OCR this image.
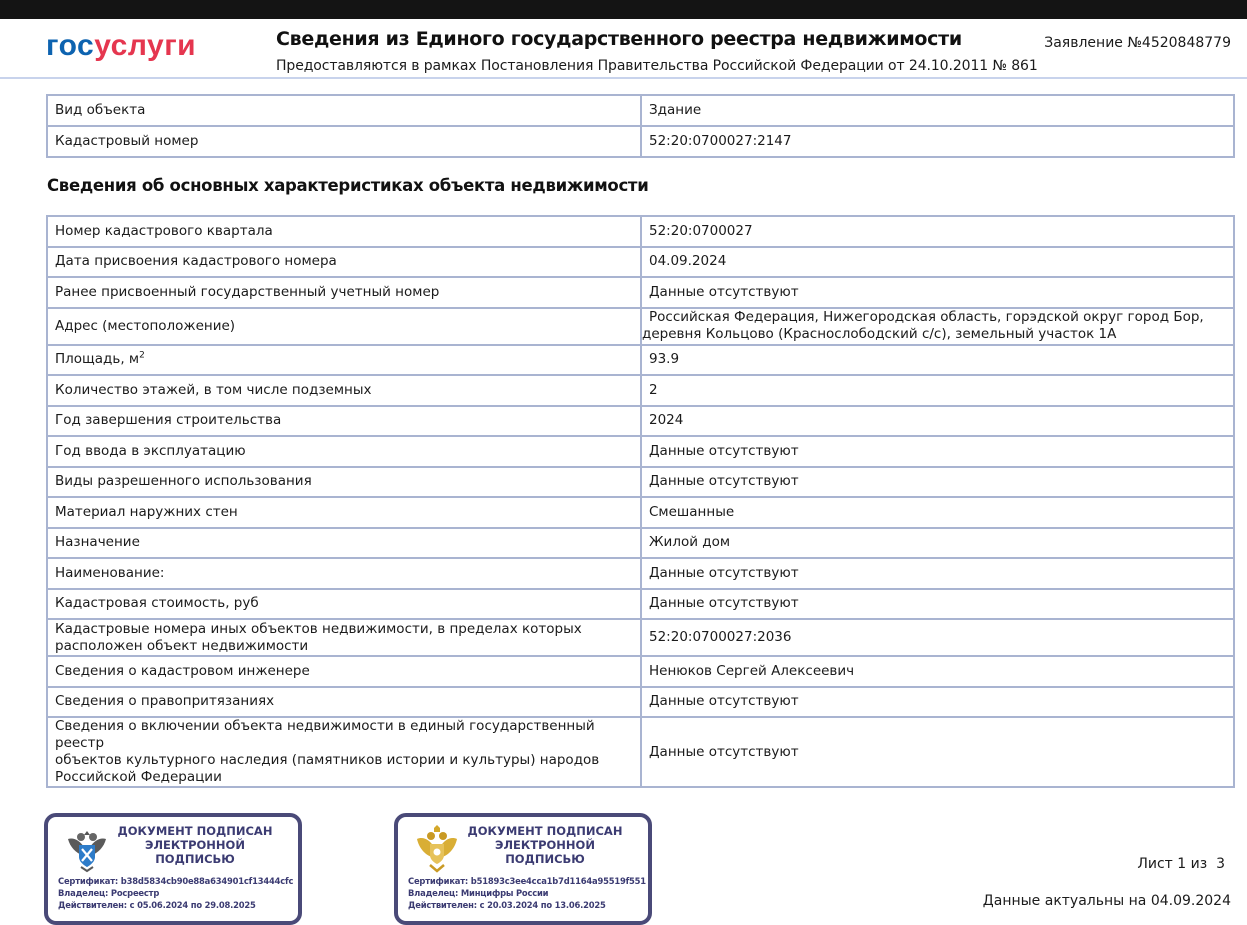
госуслуги	Сведения из Единого государственного реестра недвижимости
Предоставляются в рамках Постановления Правительства Российской Федерации от 24.10.2011 № 861
Заявление №4520848779
Вид объекта	Здание
Кадастровый номер	52:20:0700027:2147
Сведения об основных характеристиках объекта недвижимости
Номер кадастрового квартала	52:20:0700027
Дата присвоения кадастрового номера	04.09.2024
Ранее присвоенный государственный учетный номер	Данные отсутствуют
Адрес (местоположение)	Российская Федерация, Нижегородская область, горэдской округ город Бор,
деревня Кольцово (Краснослободский с/с), земельный участок 1А
Площадь, $м^2$	93.9
Количество этажей, в том числе подземных	2
Год завершения строительства	2024
Год ввода в эксплуатацию	Данные отсутствуют
Виды разрешенного использования	Данные отсутствуют
Материал наружних стен	Смешанные
Назначение	Жилой дом
Наименование:	Данные отсутствуют
Кадастровая стоимость, руб	Данные отсутствуют

Кадастровые номера иных объектов недвижимости, в пределах которых
расположен объект недвижимости	52:20:0700027:2036
Сведения о кадастровом инженере	Ненюков Сергей Алексеевич
Сведения о правопритязаниях	Данные отсутствуют

Сведения о включении объекта недвижимости в единый государственный реестр
объектов культурного наследия (памятников истории и культуры) народов
Российской Федерации	Данные отсутствуют
ДОКУМЕНТ ПОДПИСАН
ЭЛЕКТРОННОЙ
ПОДПИСЬЮ
Сертификат: b38d5834cb90e88a634901cf13444cfc
Владелец: Росреестр
Действителен: с 05.06.2024 по 29.08.2025
ДОКУМЕНТ ПОДПИСАН
ЭЛЕКТРОННОЙ
ПОДПИСЬЮ
Сертификат: b51893c3ee4cca1b7d1164a95519f551
Владелец: Минцифры России
Действителен: с 20.03.2024 по 13.06.2025
Лист 1 из  3
Данные актуальны на 04.09.2024
